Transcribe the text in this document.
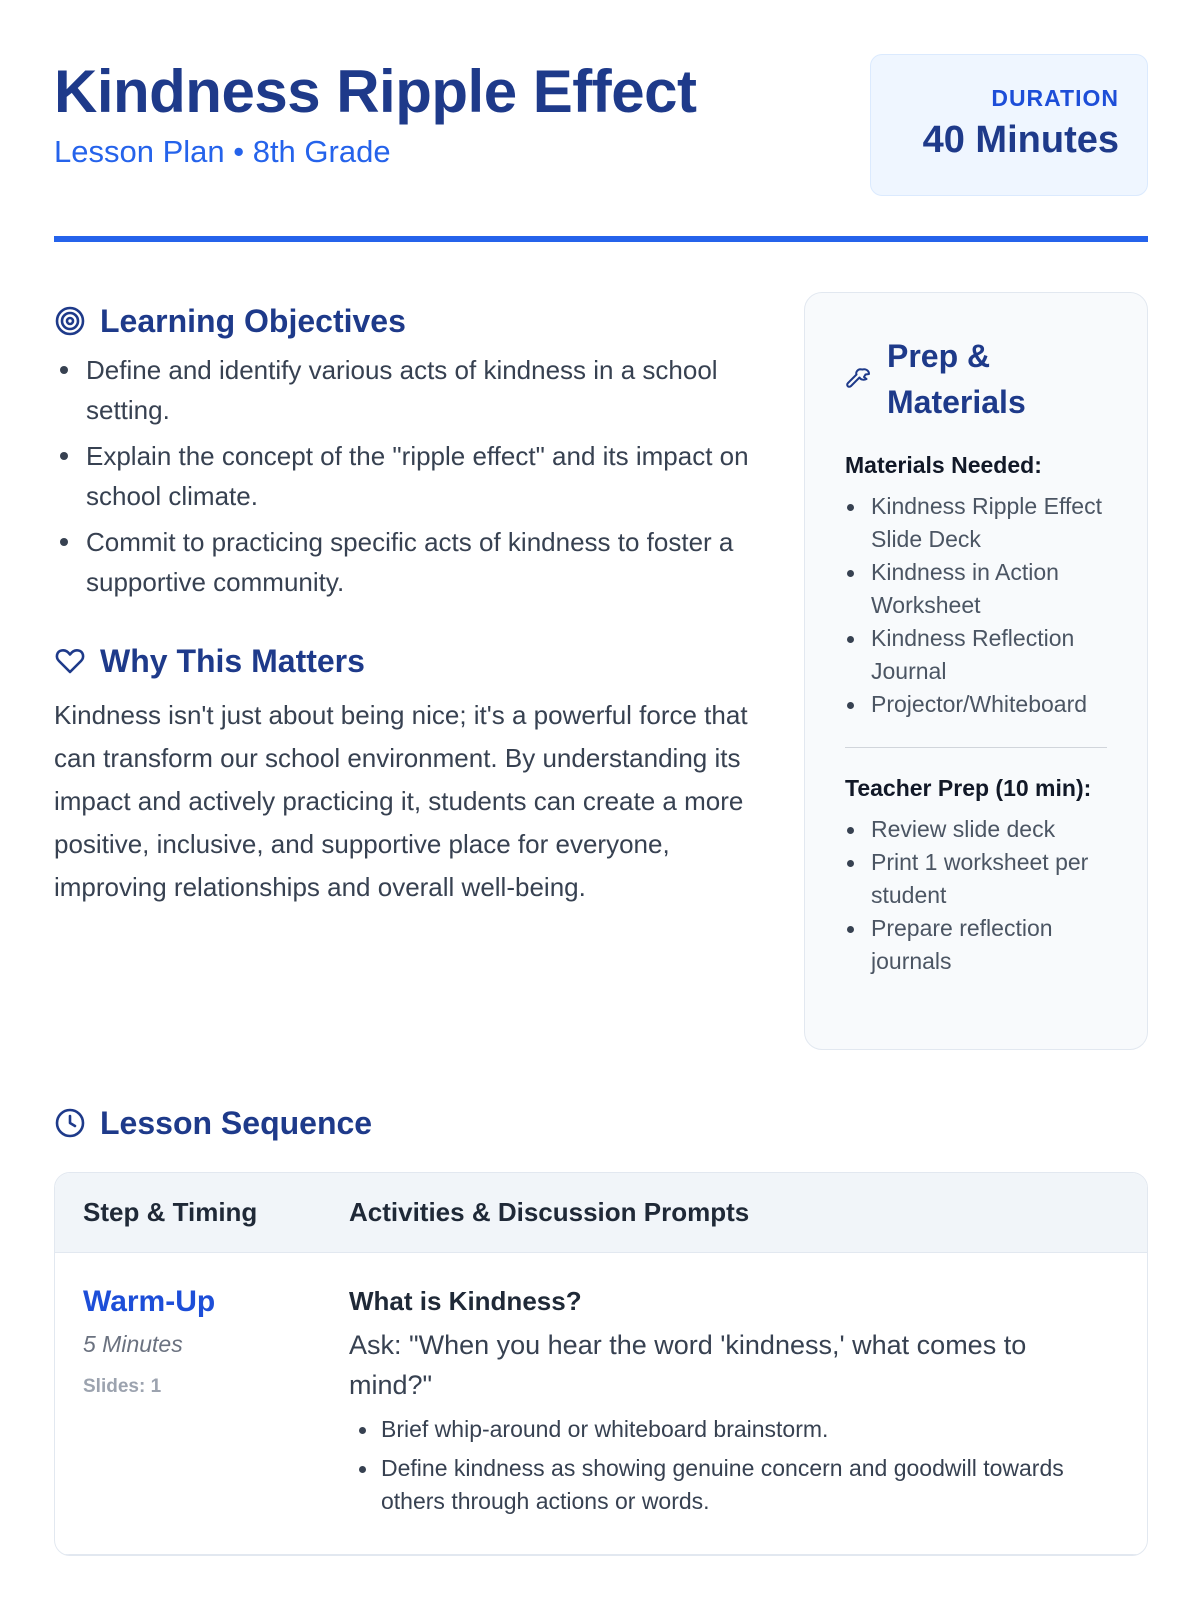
Kindness Ripple Effect
Lesson Plan • 8th Grade
DURATION
40 Minutes
Learning Objectives
Define and identify various acts of kindness in a school setting.
Explain the concept of the "ripple effect" and its impact on school climate.
Commit to practicing specific acts of kindness to foster a supportive community.
Why This Matters

Kindness isn't just about being nice; it's a powerful force that can transform our school environment. By understanding its impact and actively practicing it, students can create a more positive, inclusive, and supportive place for everyone, improving relationships and overall well-being.

Prep & Materials
Materials Needed:
Kindness Ripple Effect Slide Deck
Kindness in Action Worksheet
Kindness Reflection Journal
Projector/Whiteboard
Teacher Prep (10 min):
Review slide deck
Print 1 worksheet per student
Prepare reflection journals
Lesson Sequence
Step & Timing	Activities & Discussion Prompts
Warm-Up
5 Minutes
Slides: 1
What is Kindness?
Ask: "When you hear the word 'kindness,' what comes to mind?"
Brief whip-around or whiteboard brainstorm.
Define kindness as showing genuine concern and goodwill towards others through actions or words.
